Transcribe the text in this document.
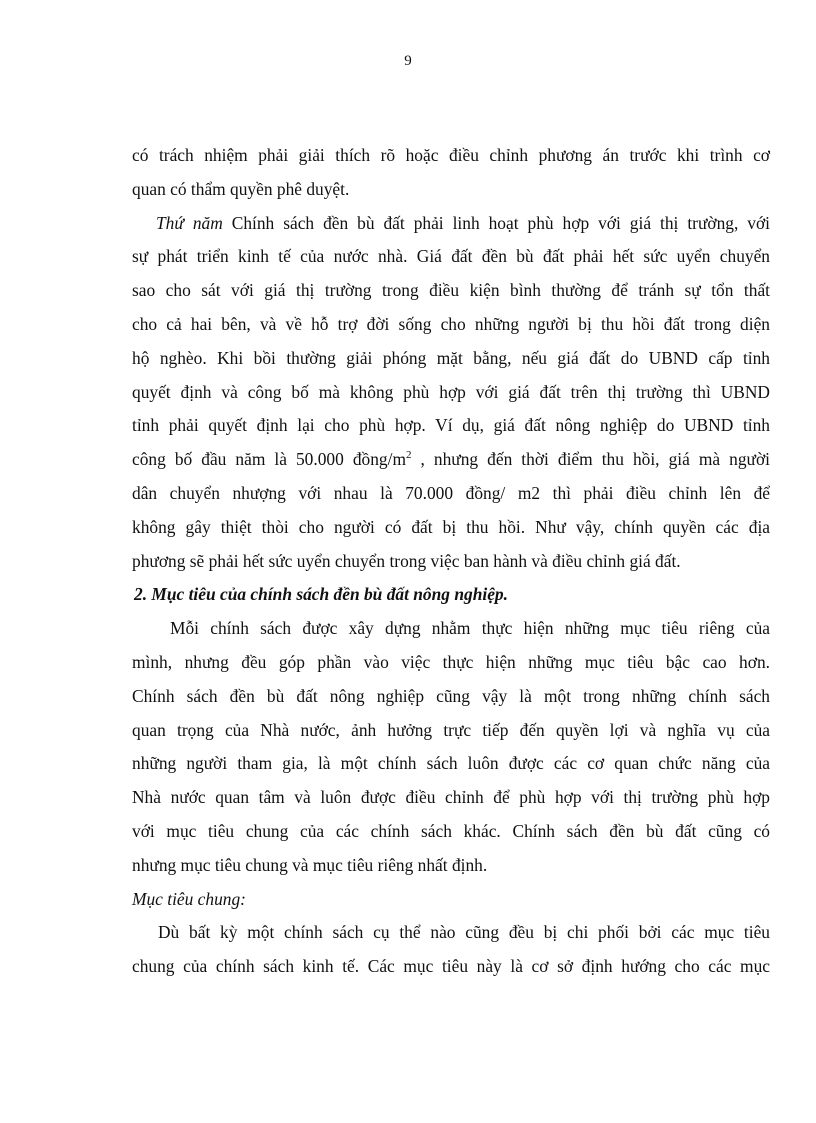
9
có trách nhiệm phải giải thích rõ hoặc điều chỉnh phương án trước khi trình cơ
quan có thẩm quyền phê duyệt.
Thứ năm Chính sách đền bù đất phải linh hoạt phù hợp với giá thị trường, với
sự phát triển kinh tế của nước nhà. Giá đất đền bù đất phải hết sức uyển chuyển
sao cho sát với giá thị trường trong điều kiện bình thường để tránh sự tổn thất
cho cả hai bên, và về hỗ trợ đời sống cho những người bị thu hồi đất trong diện
hộ nghèo. Khi bồi thường giải phóng mặt bằng, nếu giá đất do UBND cấp tỉnh
quyết định và công bố mà không phù hợp với giá đất trên thị trường thì UBND
tỉnh phải quyết định lại cho phù hợp. Ví dụ, giá đất nông nghiệp do UBND tỉnh
công bố đầu năm là 50.000 đồng/$m^2$ , nhưng đến thời điểm thu hồi, giá mà người
dân chuyển nhượng với nhau là 70.000 đồng/ m2 thì phải điều chỉnh lên để
không gây thiệt thòi cho người có đất bị thu hồi. Như vậy, chính quyền các địa
phương sẽ phải hết sức uyển chuyển trong việc ban hành và điều chỉnh giá đất.
2. Mục tiêu của chính sách đền bù đất nông nghiệp.
Mỗi chính sách được xây dựng nhằm thực hiện những mục tiêu riêng của
mình, nhưng đều góp phần vào việc thực hiện những mục tiêu bậc cao hơn.
Chính sách đền bù đất nông nghiệp cũng vậy là một trong những chính sách
quan trọng của Nhà nước, ảnh hưởng trực tiếp đến quyền lợi và nghĩa vụ của
những người tham gia, là một chính sách luôn được các cơ quan chức năng của
Nhà nước quan tâm và luôn được điều chỉnh để phù hợp với thị trường phù hợp
với mục tiêu chung của các chính sách khác. Chính sách đền bù đất cũng có
nhưng mục tiêu chung và mục tiêu riêng nhất định.
Mục tiêu chung:
Dù bất kỳ một chính sách cụ thể nào cũng đều bị chi phối bởi các mục tiêu
chung của chính sách kinh tế. Các mục tiêu này là cơ sở định hướng cho các mục
